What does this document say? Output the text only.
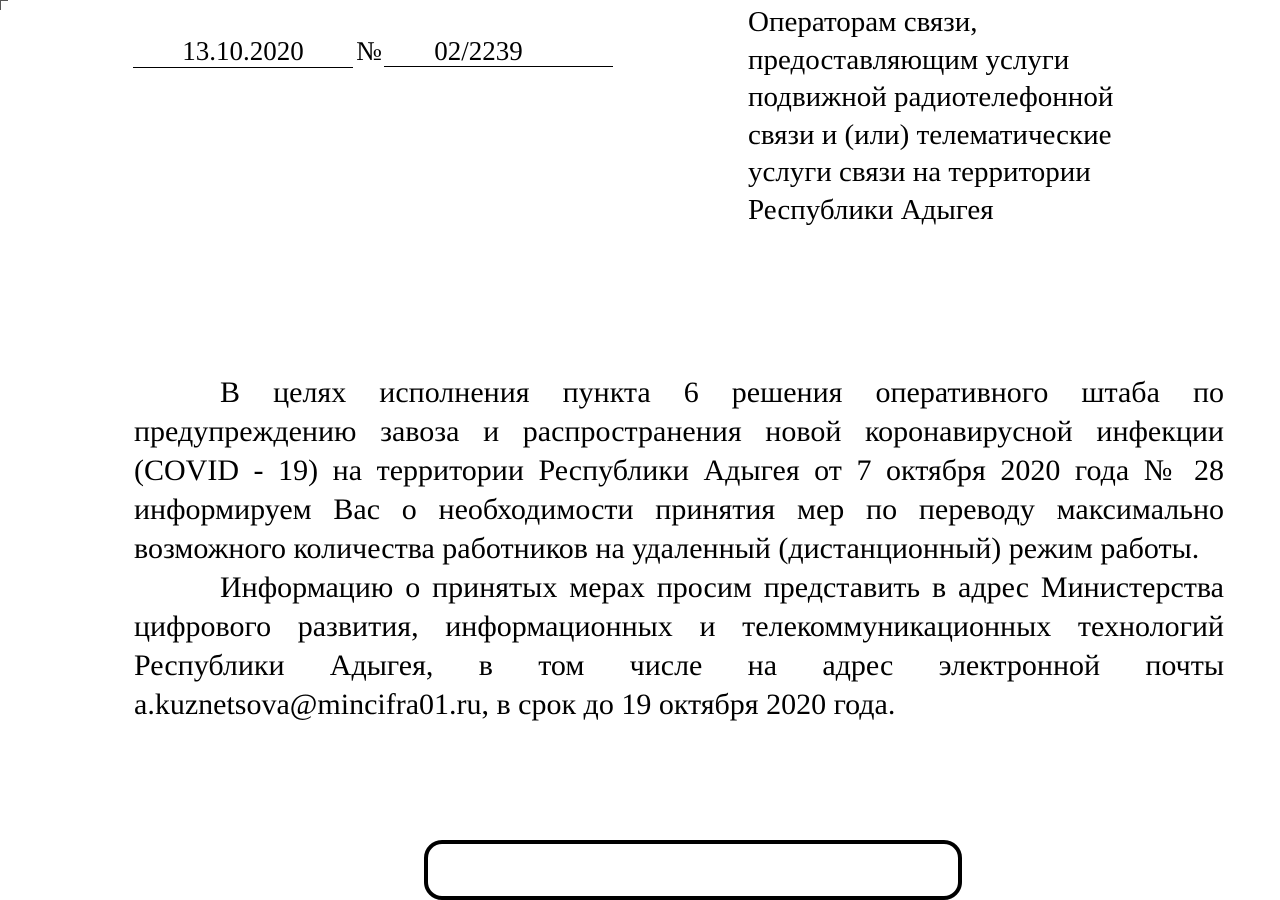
13.10.2020	№	02/2239
Операторам связи,
предоставляющим услуги
подвижной радиотелефонной
связи и (или) телематические
услуги связи на территории
Республики Адыгея

В целях исполнения пункта 6 решения оперативного штаба по предупреждению завоза и распространения новой коронавирусной инфекции (COVID - 19) на территории Республики Адыгея от 7 октября 2020 года № 28 информируем Вас о необходимости принятия мер по переводу максимально возможного количества работников на удаленный (дистанционный) режим работы.

Информацию о принятых мерах просим представить в адрес Министерства цифрового развития, информационных и телекоммуникационных технологий Республики Адыгея, в том числе на адрес электронной почты a.kuznetsova@mincifra01.ru, в срок до 19 октября 2020 года.
